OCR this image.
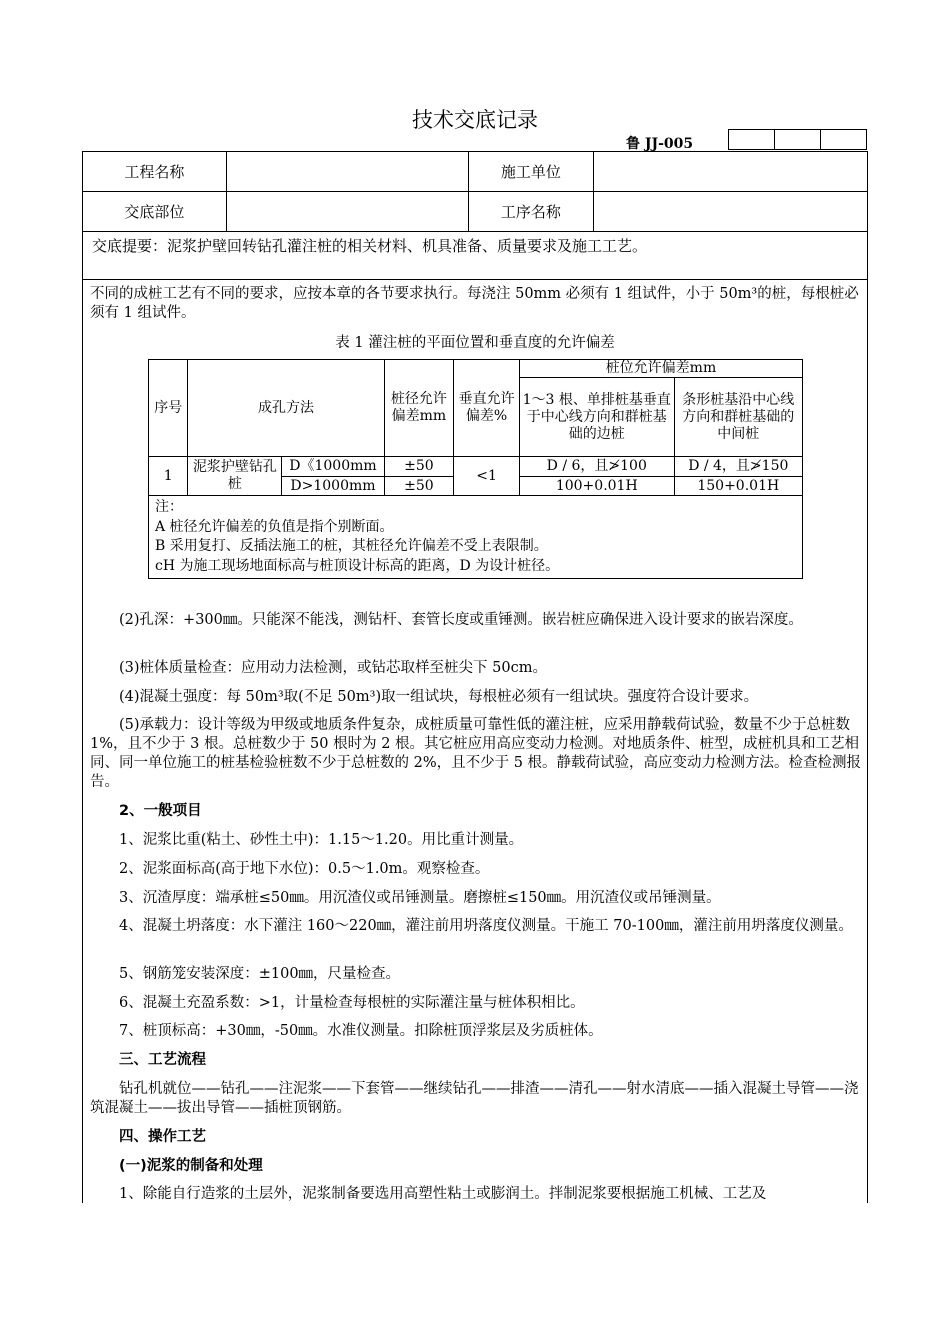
技术交底记录
鲁 JJ-005
工程名称		施工单位	
交底部位		工序名称	
交底提要：泥浆护壁回转钻孔灌注桩的相关材料、机具准备、质量要求及施工工艺。
不同的成桩工艺有不同的要求，应按本章的各节要求执行。每浇注 50mm 必须有 1 组试件，小于 50m³的桩，每根桩必须有 1 组试件。
表 1 灌注桩的平面位置和垂直度的允许偏差
序号	成孔方法		桩径允许偏差mm	垂直允许偏差%	桩位允许偏差mm	
					1～3 根、单排桩基垂直于中心线方向和群桩基础的边桩	条形桩基沿中心线方向和群桩基础的中间桩
1	泥浆护壁钻孔桩	D《1000mm	±50	<1	D / 6，且≯100	D / 4，且≯150
		D>1000mm	±50		100+0.01H	150+0.01H

注：
A 桩径允许偏差的负值是指个别断面。
B 采用复打、反插法施工的桩，其桩径允许偏差不受上表限制。
cH 为施工现场地面标高与桩顶设计标高的距离，D 为设计桩径。						
(2)孔深：+300㎜。只能深不能浅，测钻杆、套管长度或重锤测。嵌岩桩应确保进入设计要求的嵌岩深度。
(3)桩体质量检查：应用动力法检测，或钻芯取样至桩尖下 50cm。
(4)混凝土强度：每 50m³取(不足 50m³)取一组试块，每根桩必须有一组试块。强度符合设计要求。
(5)承载力：设计等级为甲级或地质条件复杂，成桩质量可靠性低的灌注桩，应采用静载荷试验，数量不少于总桩数 1%，且不少于 3 根。总桩数少于 50 根时为 2 根。其它桩应用高应变动力检测。对地质条件、桩型，成桩机具和工艺相同、同一单位施工的桩基检验桩数不少于总桩数的 2%，且不少于 5 根。静载荷试验，高应变动力检测方法。检查检测报告。
2、一般项目
1、泥浆比重(粘土、砂性土中)：1.15～1.20。用比重计测量。
2、泥浆面标高(高于地下水位)：0.5～1.0m。观察检查。
3、沉渣厚度：端承桩≤50㎜。用沉渣仪或吊锤测量。磨擦桩≤150㎜。用沉渣仪或吊锤测量。
4、混凝土坍落度：水下灌注 160～220㎜，灌注前用坍落度仪测量。干施工 70-100㎜，灌注前用坍落度仪测量。
5、钢筋笼安装深度：±100㎜，尺量检查。
6、混凝土充盈系数：>1，计量检查每根桩的实际灌注量与桩体积相比。
7、桩顶标高：+30㎜，-50㎜。水准仪测量。扣除桩顶浮浆层及劣质桩体。
三、工艺流程
钻孔机就位——钻孔——注泥浆——下套管——继续钻孔——排渣——清孔——射水清底——插入混凝土导管——浇筑混凝土——拔出导管——插桩顶钢筋。
四、操作工艺
(一)泥浆的制备和处理
1、除能自行造浆的土层外，泥浆制备要选用高塑性粘土或膨润土。拌制泥浆要根据施工机械、工艺及
